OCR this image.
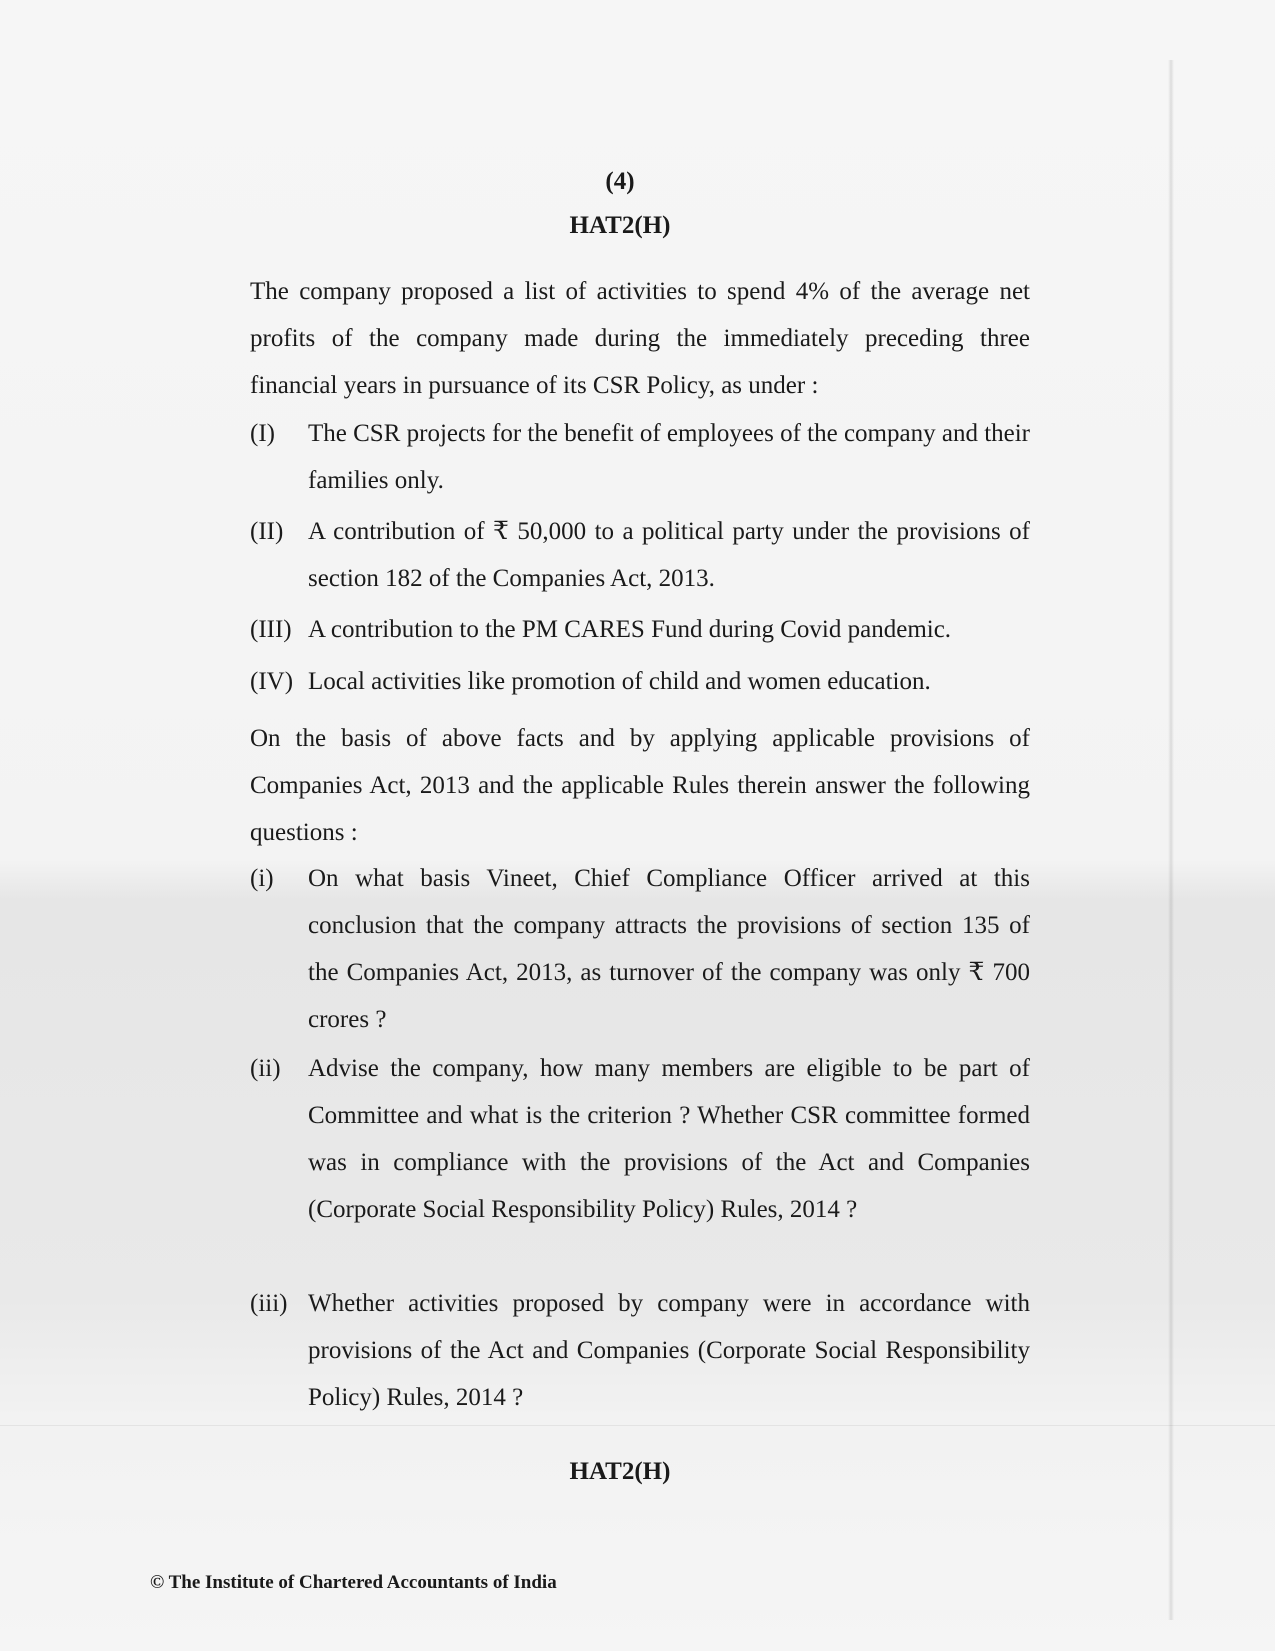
(4)
HAT2(H)
The company proposed a list of activities to spend 4% of the average net profits of the company made during the immediately preceding three financial years in pursuance of its CSR Policy, as under :
(I)	The CSR projects for the benefit of employees of the company and their families only.
(II) A contribution of ₹ 50,000 to a political party under the provisions of section 182 of the Companies Act, 2013.
(III) A contribution to the PM CARES Fund during Covid pandemic.
(IV) Local activities like promotion of child and women education.
On the basis of above facts and by applying applicable provisions of Companies Act, 2013 and the applicable Rules therein answer the following questions :
(i)	On what basis Vineet, Chief Compliance Officer arrived at this conclusion that the company attracts the provisions of section 135 of the Companies Act, 2013, as turnover of the company was only ₹ 700 crores ?
(ii)	Advise the company, how many members are eligible to be part of Committee and what is the criterion ? Whether CSR committee formed was in compliance with the provisions of the Act and Companies (Corporate Social Responsibility Policy) Rules, 2014 ?
(iii) Whether activities proposed by company were in accordance with provisions of the Act and Companies (Corporate Social Responsibility Policy) Rules, 2014 ?
HAT2(H)
© The Institute of Chartered Accountants of India
